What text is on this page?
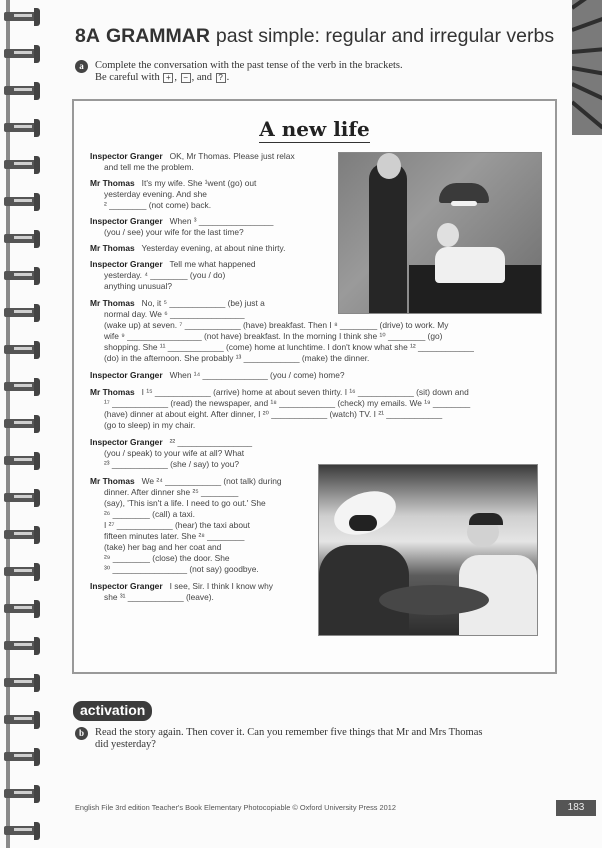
8A GRAMMAR past simple: regular and irregular verbs
a Complete the conversation with the past tense of the verb in the brackets.
Be careful with + , − , and ? .
A new life
Inspector Granger OK, Mr Thomas. Please just relax
and tell me the problem.
Mr Thomas It's my wife. She ¹went (go) out
yesterday evening. And she
² ________ (not come) back.
Inspector Granger When ³ ________________
(you / see) your wife for the last time?
Mr Thomas Yesterday evening, at about nine thirty.
Inspector Granger Tell me what happened
yesterday. ⁴ ________ (you / do)
anything unusual?
Mr Thomas No, it ⁵ ____________ (be) just a
normal day. We ⁶ ________________
(wake up) at seven. ⁷ ____________ (have) breakfast. Then I ⁸ ________ (drive) to work. My
wife ⁹ ________________ (not have) breakfast. In the morning I think she ¹⁰ ________ (go)
shopping. She ¹¹ ____________ (come) home at lunchtime. I don't know what she ¹² ____________
(do) in the afternoon. She probably ¹³ ____________ (make) the dinner.
Inspector Granger When ¹⁴ ______________ (you / come) home?
Mr Thomas I ¹⁵ ____________ (arrive) home at about seven thirty. I ¹⁶ ____________ (sit) down and
¹⁷ ____________ (read) the newspaper, and ¹⁸ ____________ (check) my emails. We ¹⁹ ________
(have) dinner at about eight. After dinner, I ²⁰ ____________ (watch) TV. I ²¹ ____________
(go to sleep) in my chair.
Inspector Granger ²² ________________
(you / speak) to your wife at all? What
²³ ____________ (she / say) to you?
Mr Thomas We ²⁴ ____________ (not talk) during
dinner. After dinner she ²⁵ ________
(say), 'This isn't a life. I need to go out.' She
²⁶ ________ (call) a taxi.
I ²⁷ ____________ (hear) the taxi about
fifteen minutes later. She ²⁸ ________
(take) her bag and her coat and
²⁹ ________ (close) the door. She
³⁰ ________________ (not say) goodbye.
Inspector Granger I see, Sir. I think I know why
she ³¹ ____________ (leave).
activation
b Read the story again. Then cover it. Can you remember five things that Mr and Mrs Thomas
did yesterday?
English File 3rd edition Teacher's Book Elementary Photocopiable © Oxford University Press 2012	183
